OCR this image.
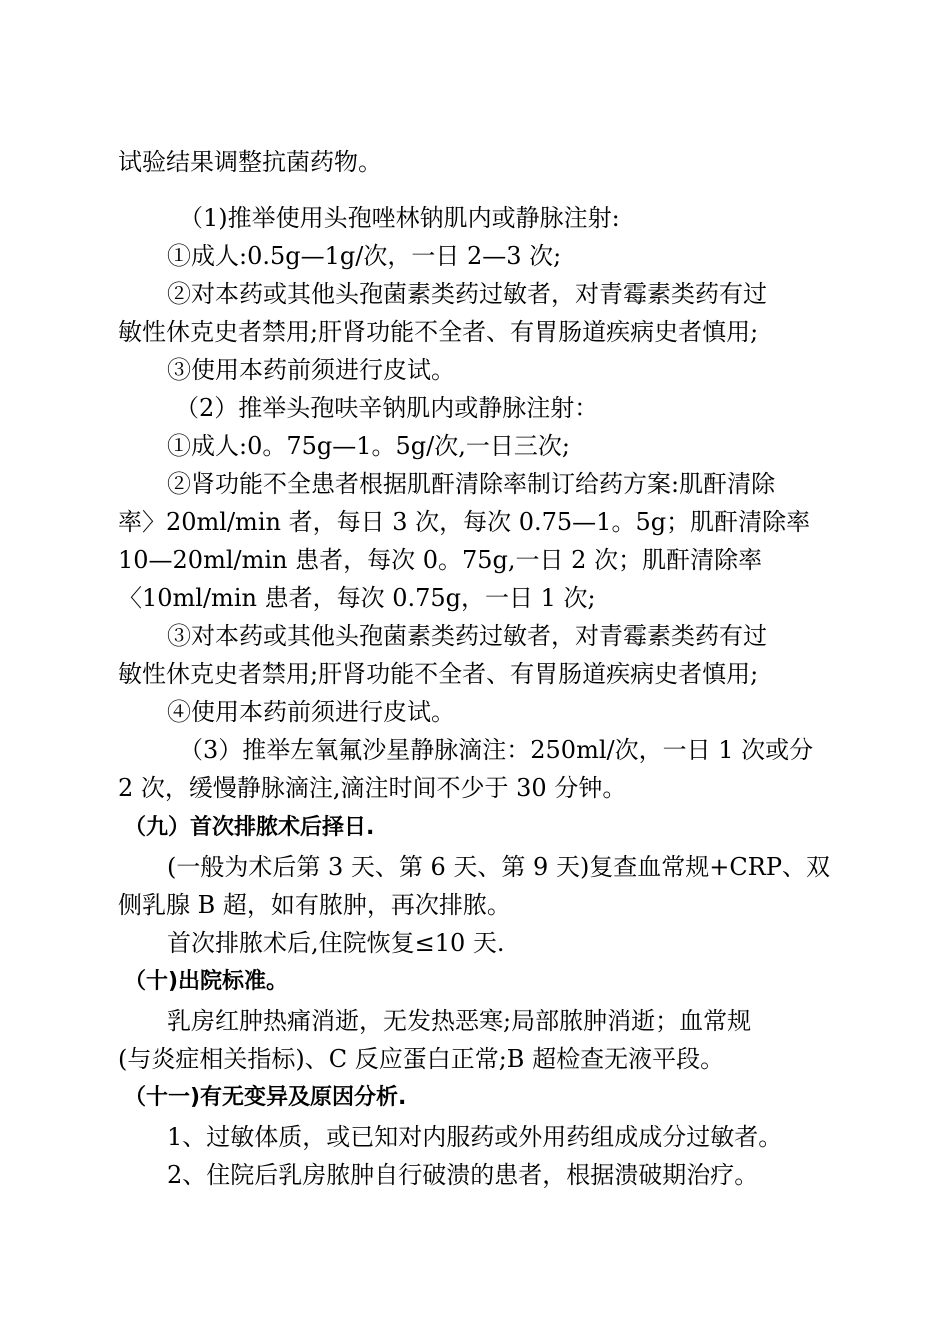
试验结果调整抗菌药物。
（1)推举使用头孢唑林钠肌内或静脉注射:
①成人:0.5g—1g/次，一日 2—3 次;
②对本药或其他头孢菌素类药过敏者，对青霉素类药有过
敏性休克史者禁用;肝肾功能不全者、有胃肠道疾病史者慎用;
③使用本药前须进行皮试。
（2）推举头孢呋辛钠肌内或静脉注射：
①成人:0。75g—1。5g/次,一日三次;
②肾功能不全患者根据肌酐清除率制订给药方案:肌酐清除
率〉20ml/min 者，每日 3 次，每次 0.75—1。5g；肌酐清除率
10—20ml/min 患者，每次 0。75g,一日 2 次；肌酐清除率
〈10ml/min 患者，每次 0.75g，一日 1 次;
③对本药或其他头孢菌素类药过敏者，对青霉素类药有过
敏性休克史者禁用;肝肾功能不全者、有胃肠道疾病史者慎用;
④使用本药前须进行皮试。
（3）推举左氧氟沙星静脉滴注：250ml/次，一日 1 次或分
2 次，缓慢静脉滴注,滴注时间不少于 30 分钟。
（九）首次排脓术后择日.
(一般为术后第 3 天、第 6 天、第 9 天)复查血常规+CRP、双
侧乳腺 B 超，如有脓肿，再次排脓。
首次排脓术后,住院恢复≤10 天.
（十)出院标准。
乳房红肿热痛消逝，无发热恶寒;局部脓肿消逝；血常规
(与炎症相关指标)、C 反应蛋白正常;B 超检查无液平段。
（十一)有无变异及原因分析.
1、过敏体质，或已知对内服药或外用药组成成分过敏者。
2、住院后乳房脓肿自行破溃的患者，根据溃破期治疗。
